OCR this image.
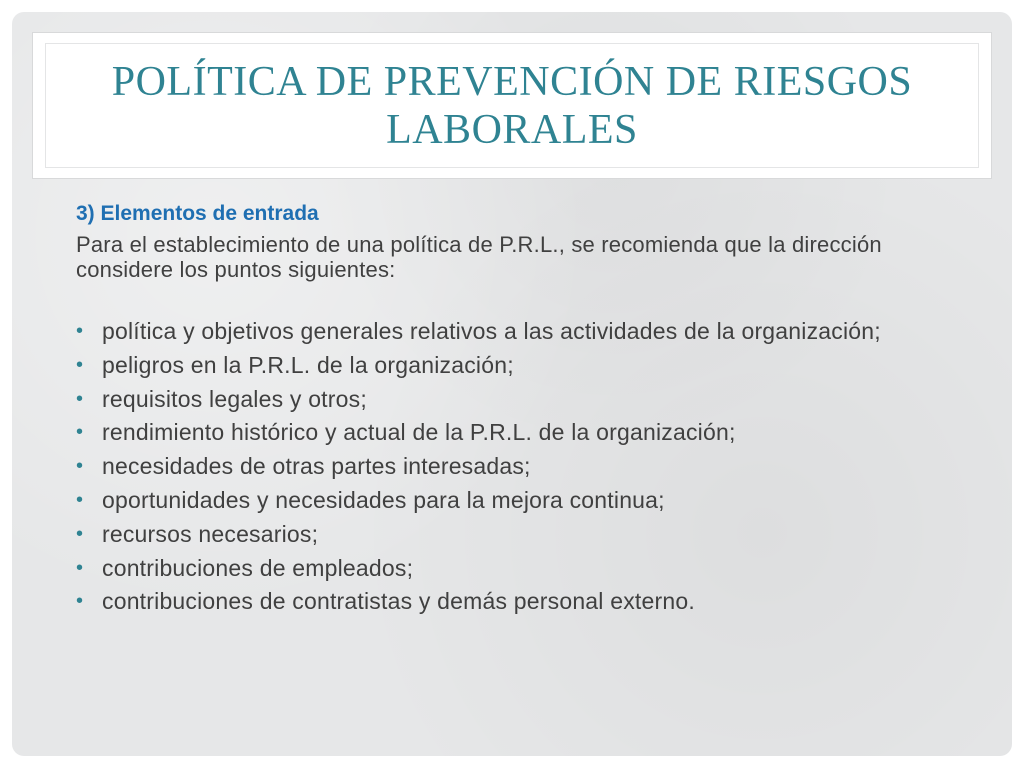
POLÍTICA DE PREVENCIÓN DE RIESGOS LABORALES

3) Elementos de entrada

Para el establecimiento de una política de P.R.L., se recomienda que la dirección considere los puntos siguientes:

• política y objetivos generales relativos a las actividades de la organización;
• peligros en la P.R.L. de la organización;
• requisitos legales y otros;
• rendimiento histórico y actual de la P.R.L. de la organización;
• necesidades de otras partes interesadas;
• oportunidades y necesidades para la mejora continua;
• recursos necesarios;
• contribuciones de empleados;
• contribuciones de contratistas y demás personal externo.
